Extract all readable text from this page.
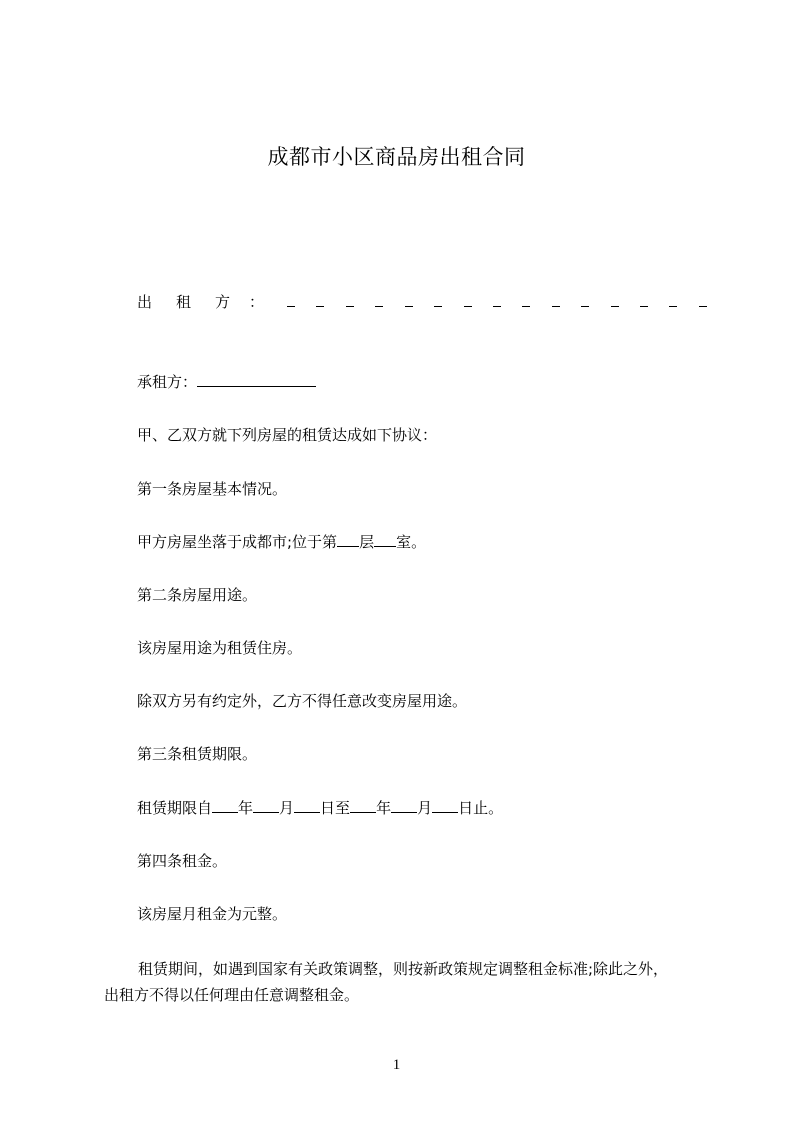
成都市小区商品房出租合同
出 租 方 ：
承租方：
甲、乙双方就下列房屋的租赁达成如下协议：
第一条房屋基本情况。
甲方房屋坐落于成都市;位于第 层 室。
第二条房屋用途。
该房屋用途为租赁住房。
除双方另有约定外，乙方不得任意改变房屋用途。
第三条租赁期限。
租赁期限自 年 月 日至 年 月 日止。
第四条租金。
该房屋月租金为元整。
租赁期间，如遇到国家有关政策调整，则按新政策规定调整租金标准;除此之外，
出租方不得以任何理由任意调整租金。
1
